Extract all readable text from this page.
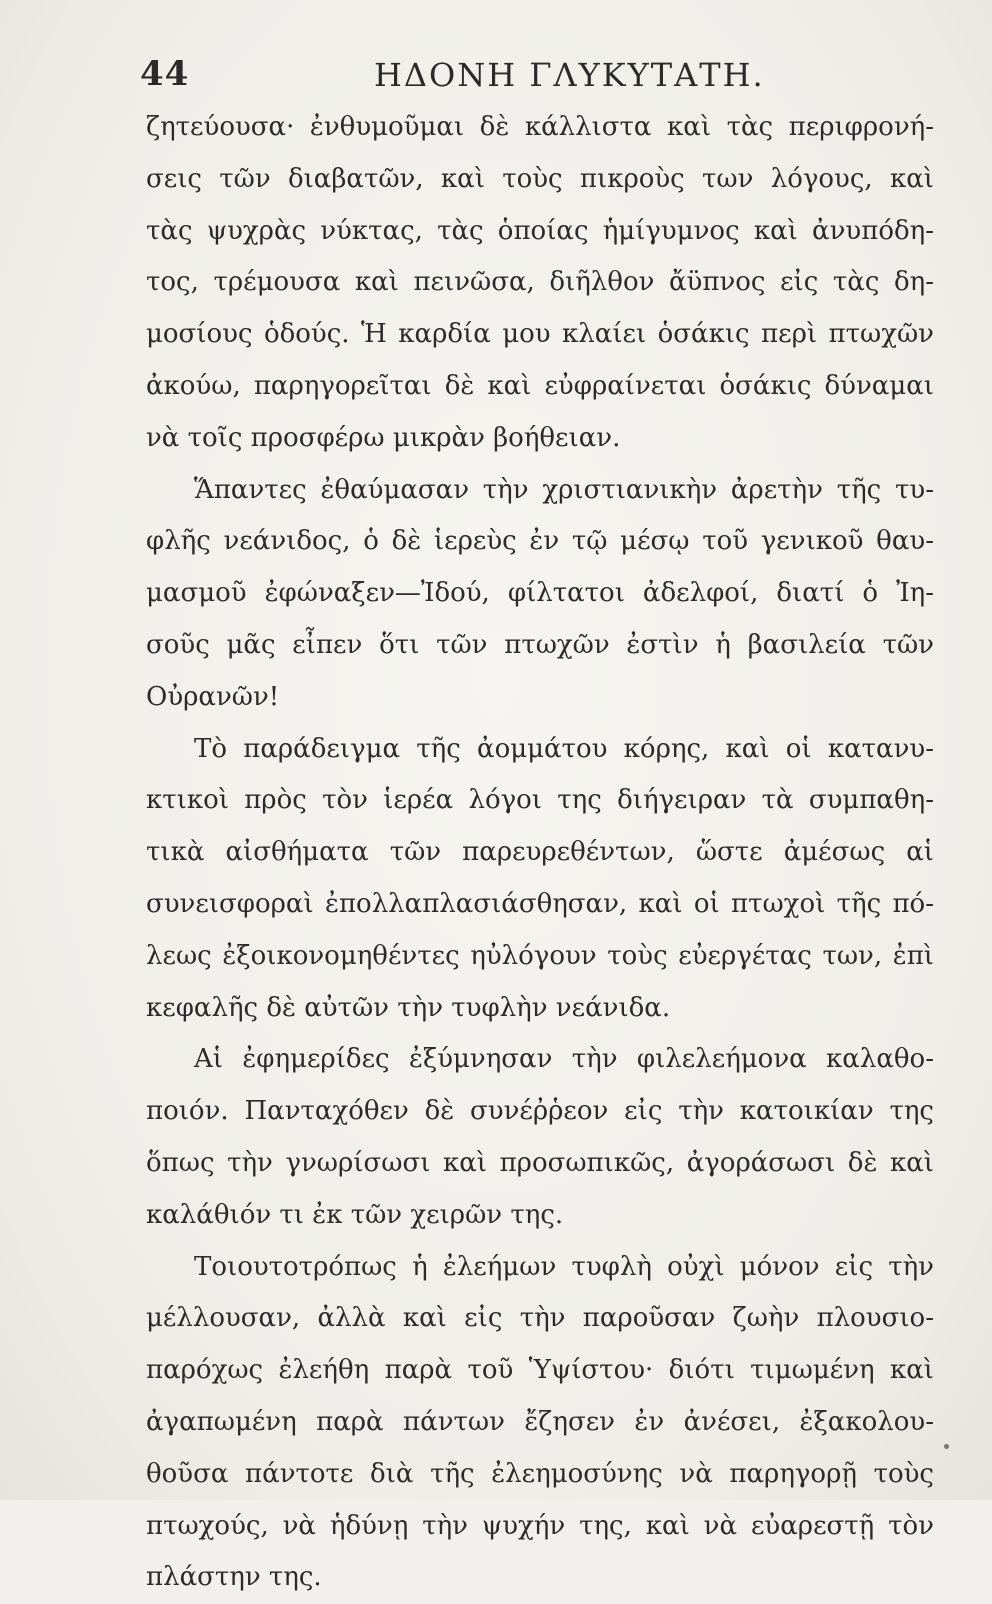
44	ΗΔΟΝΗ ΓΛΥΚΥΤΑΤΗ.
ζητεύουσα· ἐνθυμοῦμαι δὲ κάλλιστα καὶ τὰς περιφρονή-
σεις τῶν διαβατῶν, καὶ τοὺς πικροὺς των λόγους, καὶ
τὰς ψυχρὰς νύκτας, τὰς ὁποίας ἡμίγυμνος καὶ ἀνυπόδη-
τος, τρέμουσα καὶ πεινῶσα, διῆλθον ἄϋπνος εἰς τὰς δη-
μοσίους ὁδούς. Ἡ καρδία μου κλαίει ὁσάκις περὶ πτωχῶν
ἀκούω, παρηγορεῖται δὲ καὶ εὐφραίνεται ὁσάκις δύναμαι
νὰ τοῖς προσφέρω μικρὰν βοήθειαν.
Ἅπαντες ἐθαύμασαν τὴν χριστιανικὴν ἀρετὴν τῆς τυ-
φλῆς νεάνιδος, ὁ δὲ ἱερεὺς ἐν τῷ μέσῳ τοῦ γενικοῦ θαυ-
μασμοῦ ἐφώναξεν—Ἰδού, φίλτατοι ἀδελφοί, διατί ὁ Ἰη-
σοῦς μᾶς εἶπεν ὅτι τῶν πτωχῶν ἐστὶν ἡ βασιλεία τῶν
Οὐρανῶν!
Τὸ παράδειγμα τῆς ἀομμάτου κόρης, καὶ οἱ κατανυ-
κτικοὶ πρὸς τὸν ἱερέα λόγοι της διήγειραν τὰ συμπαθη-
τικὰ αἰσθήματα τῶν παρευρεθέντων, ὥστε ἀμέσως αἱ
συνεισφοραὶ ἐπολλαπλασιάσθησαν, καὶ οἱ πτωχοὶ τῆς πό-
λεως ἐξοικονομηθέντες ηὐλόγουν τοὺς εὐεργέτας των, ἐπὶ
κεφαλῆς δὲ αὐτῶν τὴν τυφλὴν νεάνιδα.
Αἱ ἐφημερίδες ἐξύμνησαν τὴν φιλελεήμονα καλαθο-
ποιόν. Πανταχόθεν δὲ συνέῤῥεον εἰς τὴν κατοικίαν της
ὅπως τὴν γνωρίσωσι καὶ προσωπικῶς, ἀγοράσωσι δὲ καὶ
καλάθιόν τι ἐκ τῶν χειρῶν της.
Τοιουτοτρόπως ἡ ἐλεήμων τυφλὴ οὐχὶ μόνον εἰς τὴν
μέλλουσαν, ἀλλὰ καὶ εἰς τὴν παροῦσαν ζωὴν πλουσιο-
παρόχως ἐλεήθη παρὰ τοῦ Ὑψίστου· διότι τιμωμένη καὶ
ἀγαπωμένη παρὰ πάντων ἔζησεν ἐν ἀνέσει, ἐξακολου-
θοῦσα πάντοτε διὰ τῆς ἐλεημοσύνης νὰ παρηγορῇ τοὺς
πτωχούς, νὰ ἡδύνῃ τὴν ψυχήν της, καὶ νὰ εὐαρεστῇ τὸν
πλάστην της.
